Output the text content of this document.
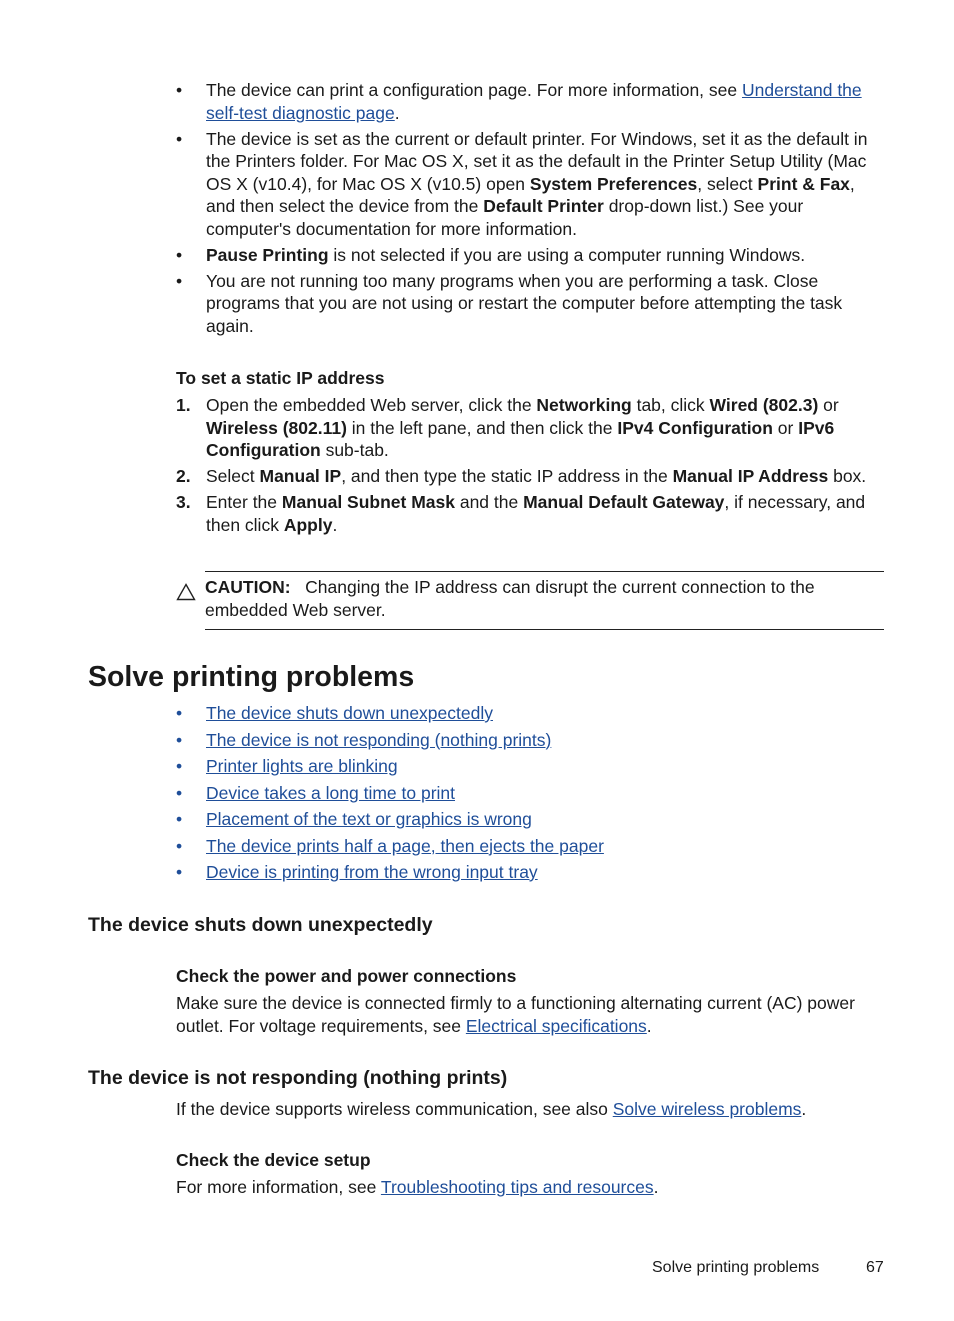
•	The device can print a configuration page. For more information, see Understand the self-test diagnostic page.
•	The device is set as the current or default printer. For Windows, set it as the default in the Printers folder. For Mac OS X, set it as the default in the Printer Setup Utility (Mac OS X (v10.4), for Mac OS X (v10.5) open System Preferences, select Print & Fax, and then select the device from the Default Printer drop-down list.) See your computer's documentation for more information.
•	Pause Printing is not selected if you are using a computer running Windows.
•	You are not running too many programs when you are performing a task. Close programs that you are not using or restart the computer before attempting the task again.
To set a static IP address
1. Open the embedded Web server, click the Networking tab, click Wired (802.3) or Wireless (802.11) in the left pane, and then click the IPv4 Configuration or IPv6 Configuration sub-tab.
2. Select Manual IP, and then type the static IP address in the Manual IP Address box.
3. Enter the Manual Subnet Mask and the Manual Default Gateway, if necessary, and then click Apply.
CAUTION: Changing the IP address can disrupt the current connection to the embedded Web server.
Solve printing problems
•	The device shuts down unexpectedly
•	The device is not responding (nothing prints)
•	Printer lights are blinking
•	Device takes a long time to print
•	Placement of the text or graphics is wrong
•	The device prints half a page, then ejects the paper
•	Device is printing from the wrong input tray
The device shuts down unexpectedly
Check the power and power connections
Make sure the device is connected firmly to a functioning alternating current (AC) power outlet. For voltage requirements, see Electrical specifications.
The device is not responding (nothing prints)
If the device supports wireless communication, see also Solve wireless problems.
Check the device setup
For more information, see Troubleshooting tips and resources.
Solve printing problems	67
